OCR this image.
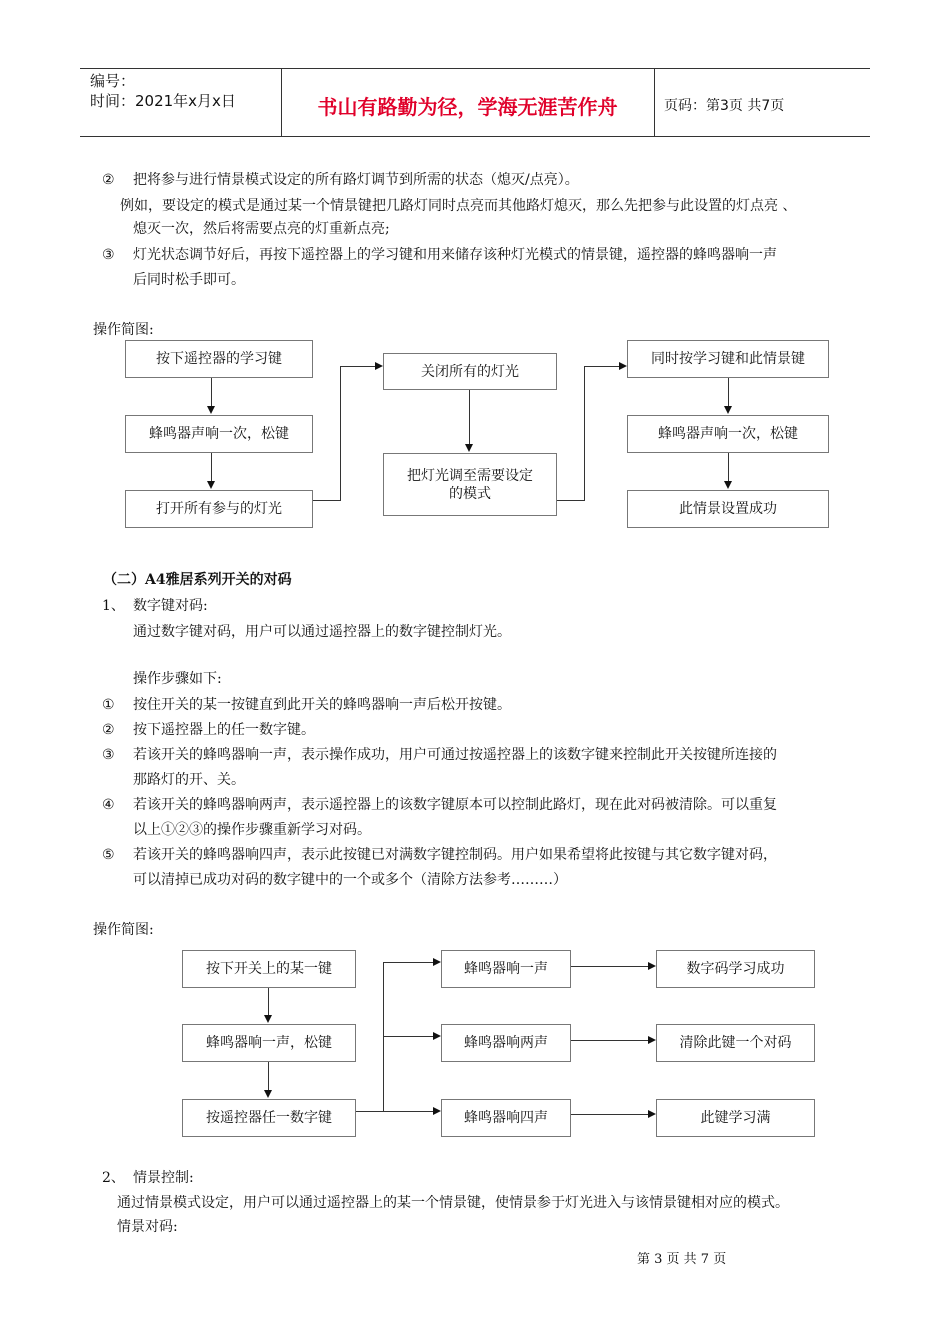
编号：
时间：2021年x月x日	书山有路勤为径，学海无涯苦作舟	页码：第3页 共7页
② 把将参与进行情景模式设定的所有路灯调节到所需的状态（熄灭/点亮）。
例如，要设定的模式是通过某一个情景键把几路灯同时点亮而其他路灯熄灭，那么先把参与此设置的灯点亮 、
熄灭一次，然后将需要点亮的灯重新点亮;
③ 灯光状态调节好后，再按下遥控器上的学习键和用来储存该种灯光模式的情景键，遥控器的蜂鸣器响一声
后同时松手即可。
操作简图:
按下遥控器的学习键
蜂鸣器声响一次，松键
打开所有参与的灯光
关闭所有的灯光
把灯光调至需要设定
的模式
同时按学习键和此情景键
蜂鸣器声响一次，松键
此情景设置成功
（二）A4雅居系列开关的对码
1、 数字键对码:
通过数字键对码，用户可以通过遥控器上的数字键控制灯光。
操作步骤如下:
① 按住开关的某一按键直到此开关的蜂鸣器响一声后松开按键。
② 按下遥控器上的任一数字键。
③ 若该开关的蜂鸣器响一声，表示操作成功，用户可通过按遥控器上的该数字键来控制此开关按键所连接的
那路灯的开、关。
④ 若该开关的蜂鸣器响两声，表示遥控器上的该数字键原本可以控制此路灯，现在此对码被清除。可以重复
以上①②③的操作步骤重新学习对码。
⑤ 若该开关的蜂鸣器响四声，表示此按键已对满数字键控制码。用户如果希望将此按键与其它数字键对码，
可以清掉已成功对码的数字键中的一个或多个（清除方法参考………）
操作简图:
按下开关上的某一键
蜂鸣器响一声，松键
按遥控器任一数字键
蜂鸣器响一声
蜂鸣器响两声
蜂鸣器响四声
数字码学习成功
清除此键一个对码
此键学习满
2、 情景控制:
通过情景模式设定，用户可以通过遥控器上的某一个情景键，使情景参于灯光进入与该情景键相对应的模式。
情景对码:
第 3 页 共 7 页
